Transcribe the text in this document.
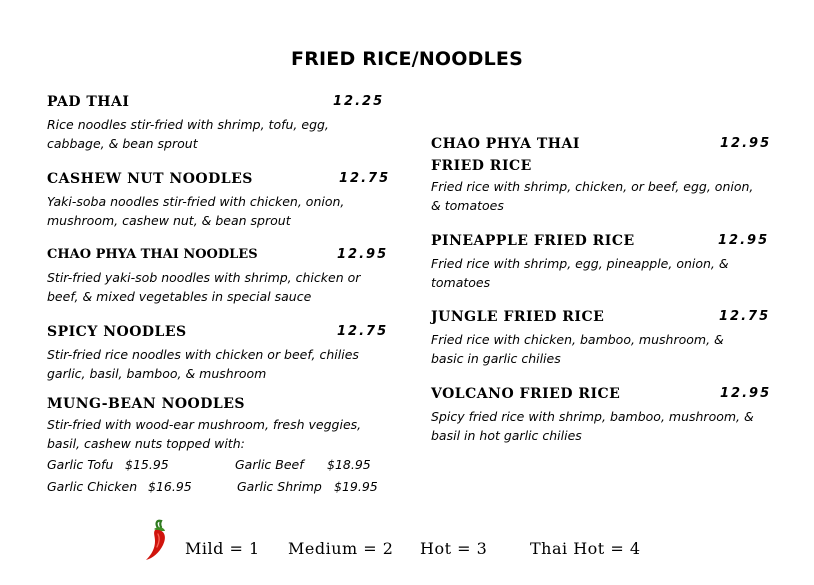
FRIED RICE/NOODLES
PAD THAI	12.25
Rice noodles stir-fried with shrimp, tofu, egg,
cabbage, & bean sprout
CASHEW NUT NOODLES	12.75
Yaki-soba noodles stir-fried with chicken, onion,
mushroom, cashew nut, & bean sprout
CHAO PHYA THAI NOODLES	12.95
Stir-fried yaki-sob noodles with shrimp, chicken or
beef, & mixed vegetables in special sauce
SPICY NOODLES	12.75
Stir-fried rice noodles with chicken or beef, chilies
garlic, basil, bamboo, & mushroom
MUNG-BEAN NOODLES
Stir-fried with wood-ear mushroom, fresh veggies,
basil, cashew nuts topped with:
Garlic Tofu $15.95	Garlic Beef $18.95
Garlic Chicken $16.95	Garlic Shrimp $19.95
CHAO PHYA THAI	12.95
FRIED RICE
Fried rice with shrimp, chicken, or beef, egg, onion,
& tomatoes
PINEAPPLE FRIED RICE	12.95
Fried rice with shrimp, egg, pineapple, onion, &
tomatoes
JUNGLE FRIED RICE	12.75
Fried rice with chicken, bamboo, mushroom, &
basic in garlic chilies
VOLCANO FRIED RICE	12.95
Spicy fried rice with shrimp, bamboo, mushroom, &
basil in hot garlic chilies
Mild = 1 Medium = 2 Hot = 3	Thai Hot = 4
